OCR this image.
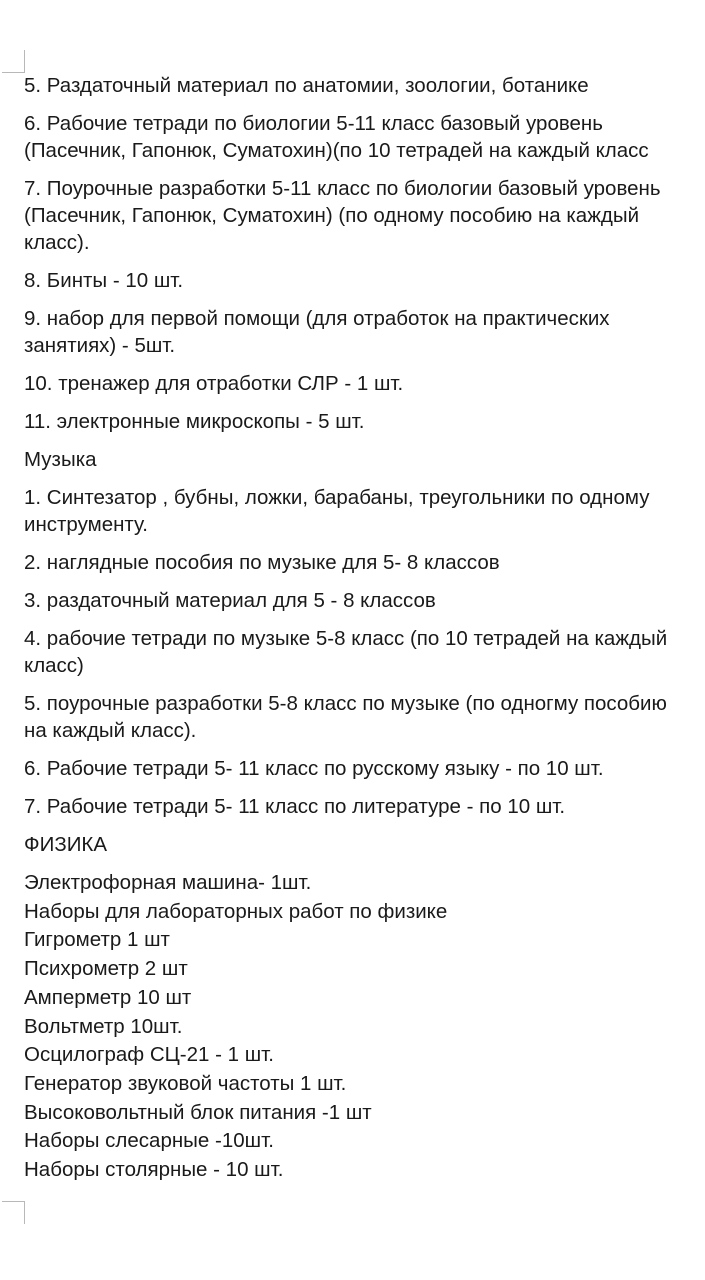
5. Раздаточный материал по анатомии, зоологии, ботанике
6. Рабочие тетради по биологии 5-11 класс базовый уровень
(Пасечник, Гапонюк, Суматохин)(по 10 тетрадей на каждый класс
7. Поурочные разработки 5-11 класс по биологии базовый уровень
(Пасечник, Гапонюк, Суматохин) (по одному пособию на каждый
класс).
8. Бинты - 10 шт.
9. набор для первой помощи (для отработок на практических
занятиях) - 5шт.
10. тренажер для отработки СЛР - 1 шт.
11. электронные микроскопы - 5 шт.
Музыка
1. Синтезатор , бубны, ложки, барабаны, треугольники по одному
инструменту.
2. наглядные пособия по музыке для 5- 8 классов
3. раздаточный материал для 5 - 8 классов
4. рабочие тетради по музыке 5-8 класс (по 10 тетрадей на каждый
класс)
5. поурочные разработки 5-8 класс по музыке (по одногму пособию
на каждый класс).
6. Рабочие тетради 5- 11 класс по русскому языку - по 10 шт.
7. Рабочие тетради 5- 11 класс по литературе - по 10 шт.
ФИЗИКА
Электрофорная машина- 1шт.
Наборы для лабораторных работ по физике
Гигрометр 1 шт
Психрометр 2 шт
Амперметр 10 шт
Вольтметр 10шт.
Осцилограф СЦ-21 - 1 шт.
Генератор звуковой частоты 1 шт.
Высоковольтный блок питания -1 шт
Наборы слесарные -10шт.
Наборы столярные - 10 шт.
